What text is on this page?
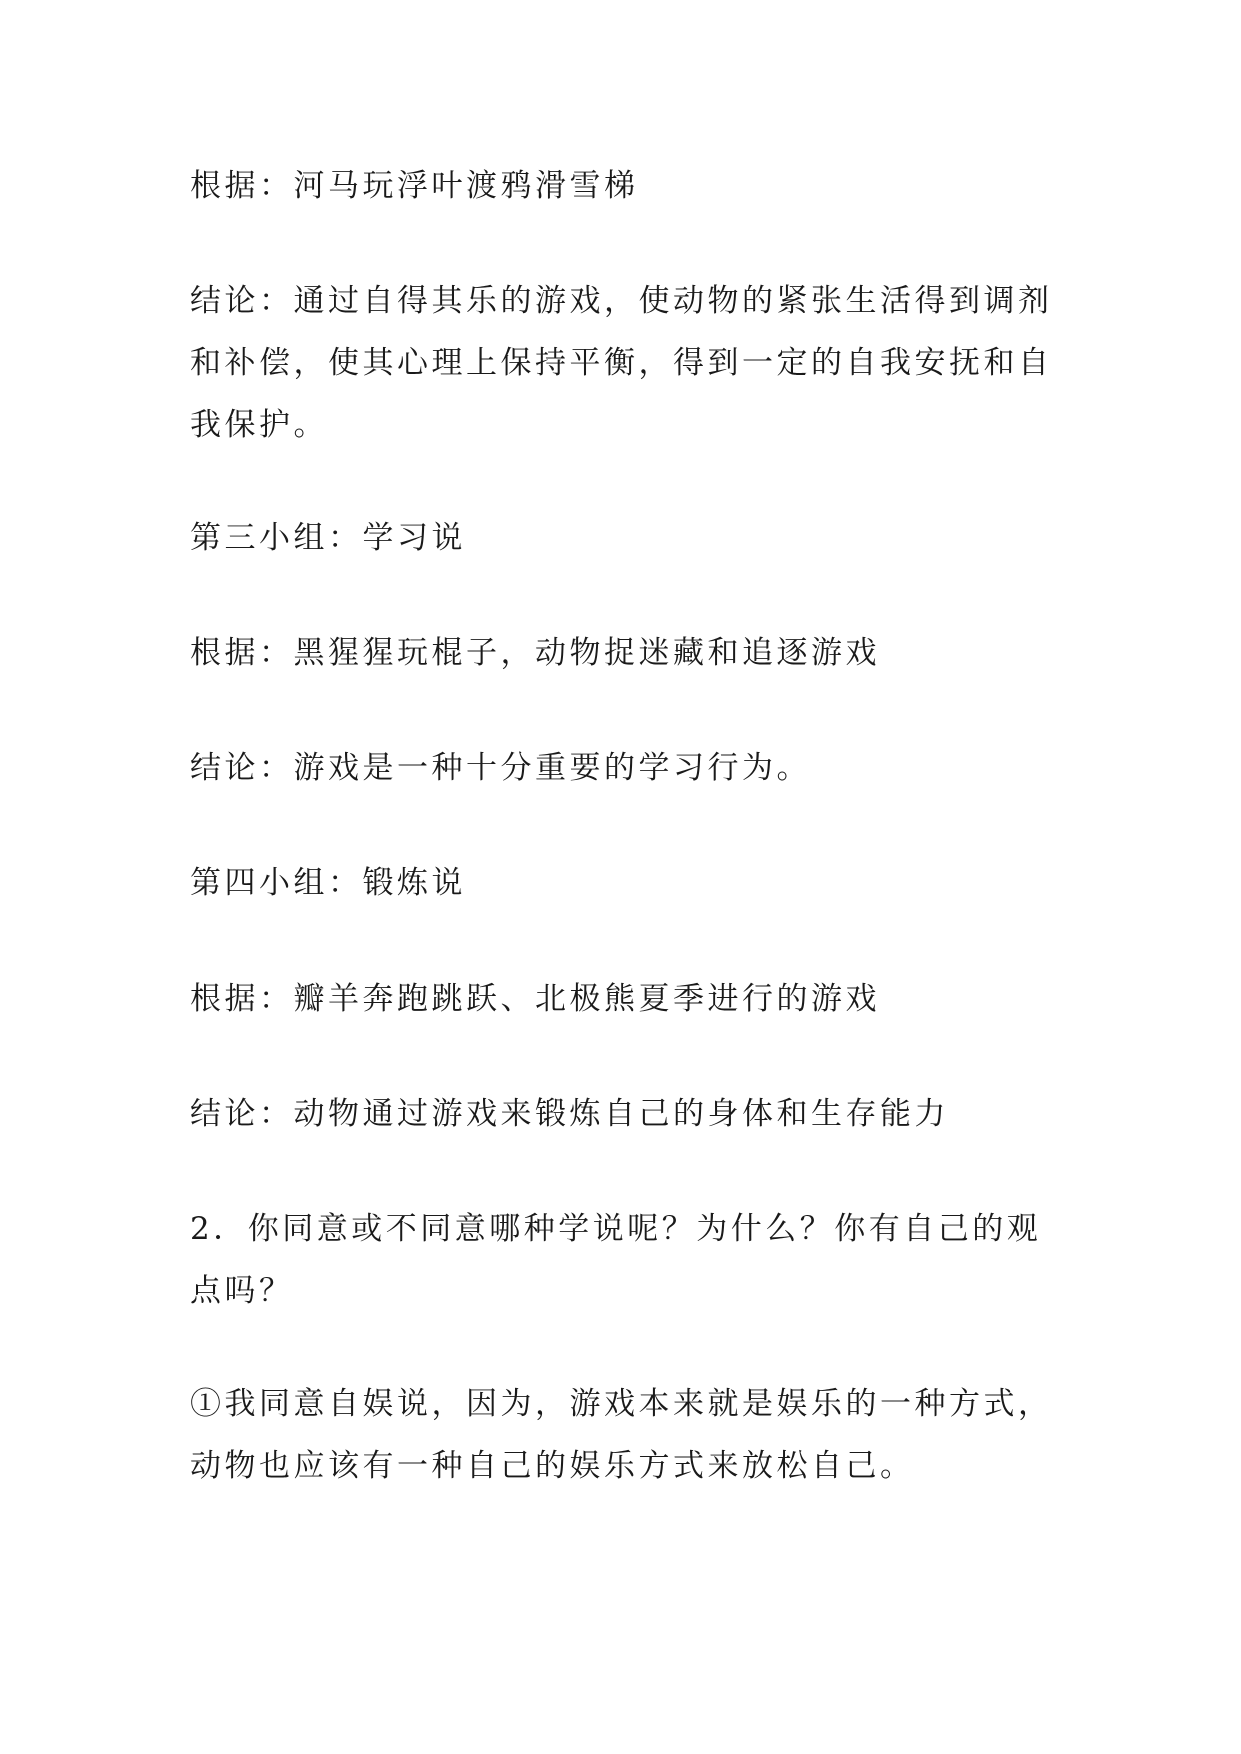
根据：河马玩浮叶渡鸦滑雪梯

结论：通过自得其乐的游戏，使动物的紧张生活得到调剂和补偿，使其心理上保持平衡，得到一定的自我安抚和自我保护。

第三小组：学习说

根据：黑猩猩玩棍子，动物捉迷藏和追逐游戏

结论：游戏是一种十分重要的学习行为。

第四小组：锻炼说

根据：瓣羊奔跑跳跃、北极熊夏季进行的游戏

结论：动物通过游戏来锻炼自己的身体和生存能力

2．你同意或不同意哪种学说呢？为什么？你有自己的观点吗？

①我同意自娱说，因为，游戏本来就是娱乐的一种方式，动物也应该有一种自己的娱乐方式来放松自己。
